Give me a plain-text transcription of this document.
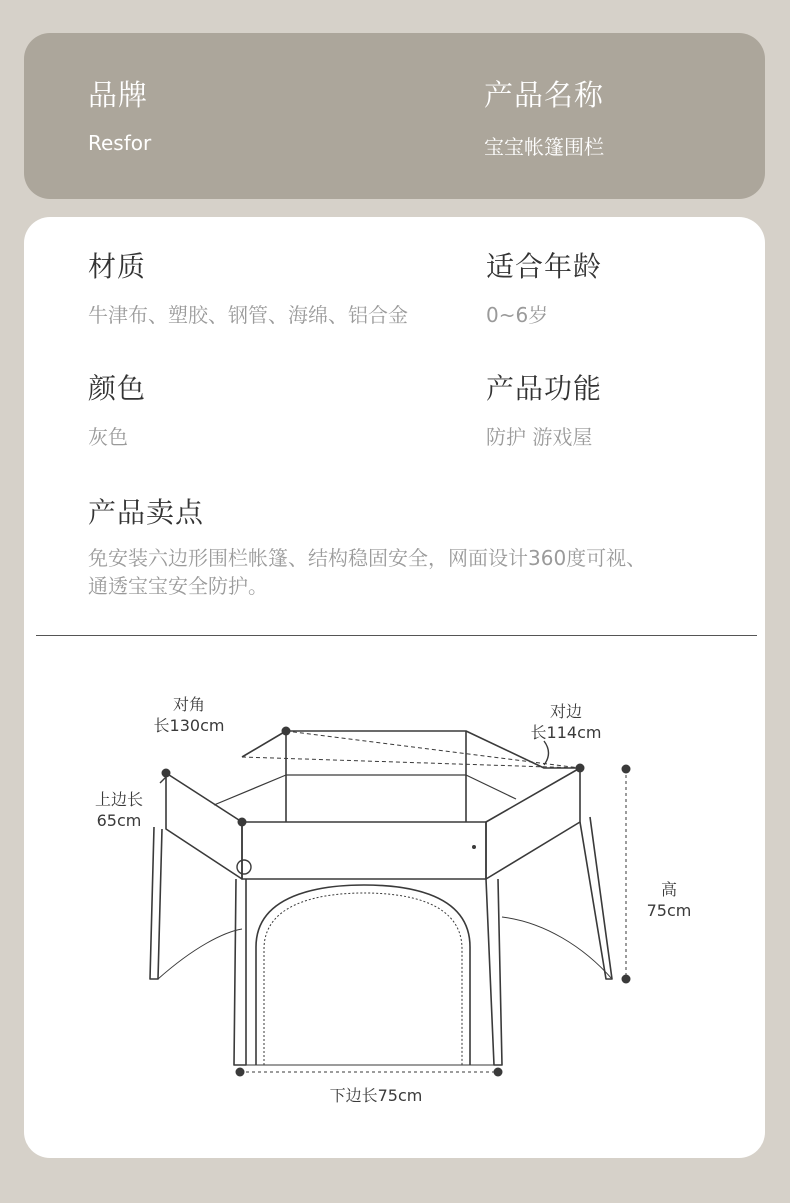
品牌
Resfor
产品名称
宝宝帐篷围栏
材质
牛津布、塑胶、钢管、海绵、铝合金
适合年龄
0~6岁
颜色
灰色
产品功能
防护 游戏屋
产品卖点
免安装六边形围栏帐篷、结构稳固安全，网面设计360度可视、
通透宝宝安全防护。
对角
长130cm
对边
长114cm
上边长
65cm
高
75cm
下边长75cm
